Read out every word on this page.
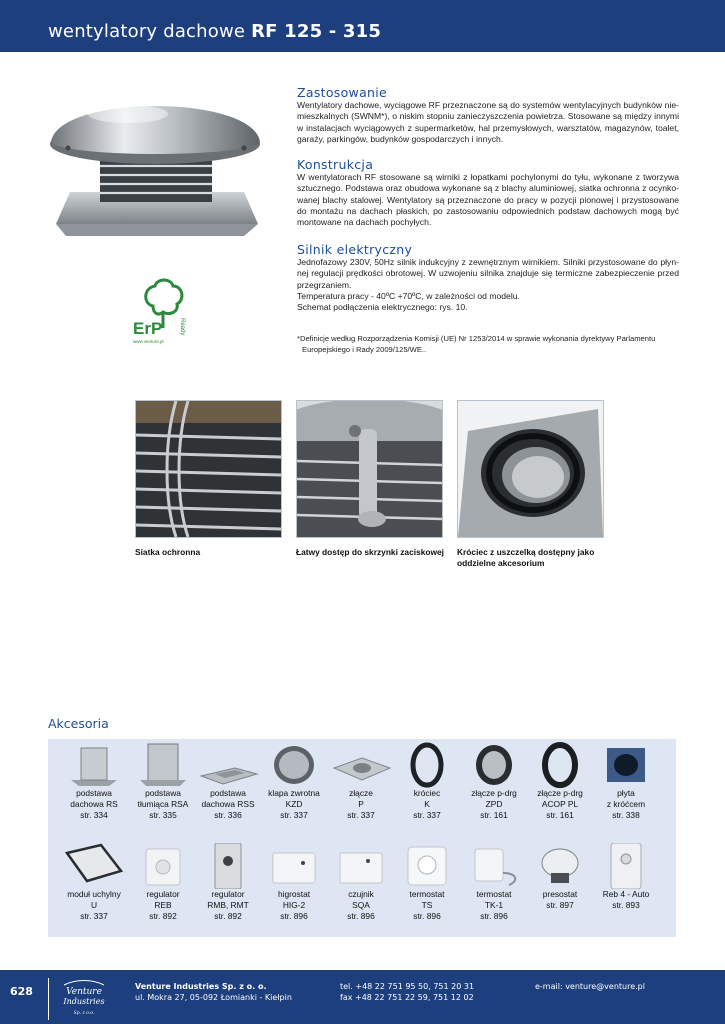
wentylatory dachowe RF 125 - 315
Zastosowanie

Wentylatory dachowe, wyciągowe RF przeznaczone są do systemów wentylacyjnych budynków nie-mieszkalnych (SWNM*), o niskim stopniu zanieczyszczenia powietrza. Stosowane są między innymi w instalacjach wyciągowych z supermarketów, hal przemysłowych, warsztatów, magazynów, toalet, garaży, parkingów, budynków gospodarczych i innych.

Konstrukcja

W wentylatorach RF stosowane są wirniki z łopatkami pochylonymi do tyłu, wykonane z tworzywa sztucznego. Podstawa oraz obudowa wykonane są z blachy aluminiowej, siatka ochronna z ocynko-wanej blachy stalowej. Wentylatory są przeznaczone do pracy w pozycji pionowej i przystosowane do montażu na dachach płaskich, po zastosowaniu odpowiednich podstaw dachowych mogą być montowane na dachach pochyłych.

Silnik elektryczny

Jednofazowy 230V, 50Hz silnik indukcyjny z zewnętrznym wirnikiem. Silniki przystosowane do płyn-nej regulacji prędkości obrotowej. W uzwojeniu silnika znajduje się termiczne zabezpieczenie przed przegrzaniem.

Temperatura pracy - 40ºC +70ºC, w zależności od modelu.

Schemat podłączenia elektrycznego: rys. 10.

*Definicje według Rozporządzenia Komisji (UE) Nr 1253/2014 w sprawie wykonania dyrektywy Parlamentu
Europejskiego i Rady 2009/125/WE..
ErP	Ready
www.venture.pl
Siatka ochronna	Łatwy dostęp do skrzynki zaciskowej Króciec z uszczelką dostępny jako
oddzielne akcesorium
Akcesoria
podstawa
dachowa RS
str. 334
podstawa
tłumiąca RSA
str. 335
podstawa
dachowa RSS
str. 336
klapa zwrotna
KZD
str. 337
złącze
P
str. 337
króciec
K
str. 337
złącze p-drg
ZPD
str. 161
złącze p-drg
ACOP PL
str. 161
płyta
z króćcem
str. 338
moduł uchylny
U
str. 337
regulator
REB
str. 892
regulator
RMB, RMT
str. 892
higrostat
HIG-2
str. 896
czujnik
SQA
str. 896
termostat
TS
str. 896
termostat
TK-1
str. 896
presostat
str. 897
Reb 4 - Auto
str. 893
628	Venture
Industries
Sp. z o.o.
Venture Industries Sp. z o. o.
ul. Mokra 27, 05-092 Łomianki - Kiełpin
tel. +48 22 751 95 50, 751 20 31
fax +48 22 751 22 59, 751 12 02
e-mail: venture@venture.pl
